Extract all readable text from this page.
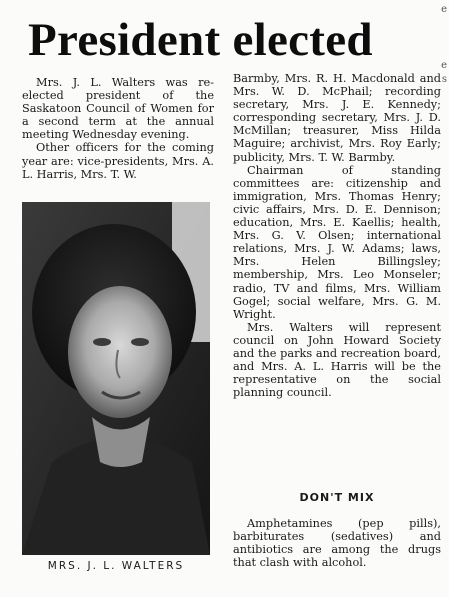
President elected

Mrs. J. L. Walters was re-elected president of the Saskatoon Council of Women for a second term at the annual meeting Wednesday evening.

Other officers for the coming year are: vice-presidents, Mrs. A. L. Harris, Mrs. T. W.

MRS. J. L. WALTERS

Barmby, Mrs. R. H. Macdonald and Mrs. W. D. McPhail; recording secretary, Mrs. J. E. Kennedy; corresponding secretary, Mrs. J. D. McMillan; treasurer, Miss Hilda Maguire; archivist, Mrs. Roy Early; publicity, Mrs. T. W. Barmby.

Chairman of standing committees are: citizenship and immigration, Mrs. Thomas Henry; civic affairs, Mrs. D. E. Dennison; education, Mrs. E. Kaellis; health, Mrs. G. V. Olsen; international relations, Mrs. J. W. Adams; laws, Mrs. Helen Billingsley; membership, Mrs. Leo Monseler; radio, TV and films, Mrs. William Gogel; social welfare, Mrs. G. M. Wright.

Mrs. Walters will represent council on John Howard Society and the parks and recreation board, and Mrs. A. L. Harris will be the representative on the social planning council.

DON'T MIX

Amphetamines (pep pills), barbiturates (sedatives) and antibiotics are among the drugs that clash with alcohol.

e
e
s
